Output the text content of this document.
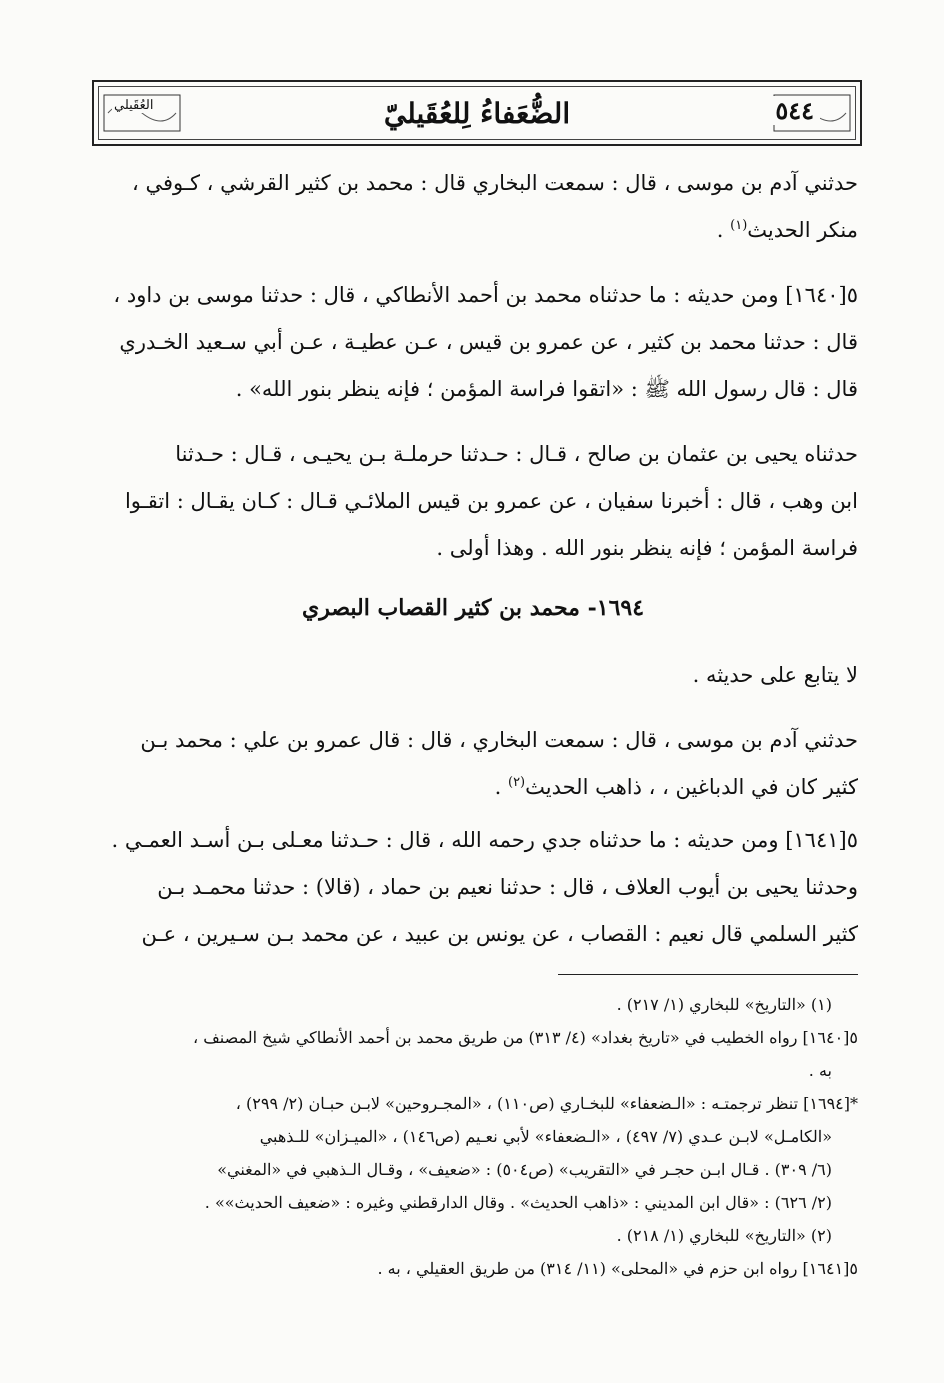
العُقَيلي	الضُّعَفاءُ لِلعُقَيليّ	٥٤٤

حدثني آدم بن موسى ، قال : سمعت البخاري قال : محمد بن كثير القرشي ، كـوفي ،

منكر الحديث$^{(١)}$ .

٥[١٦٤٠] ومن حديثه : ما حدثناه محمد بن أحمد الأنطاكي ، قال : حدثنا موسى بن داود ،

قال : حدثنا محمد بن كثير ، عن عمرو بن قيس ، عـن عطيـة ، عـن أبي سـعيد الخـدري

قال : قال رسول الله ﷺ : «اتقوا فراسة المؤمن ؛ فإنه ينظر بنور الله» .

حدثناه يحيى بن عثمان بن صالح ، قـال : حـدثنا حرملـة بـن يحيـى ، قـال : حـدثنا

ابن وهب ، قال : أخبرنا سفيان ، عن عمرو بن قيس الملائـي قـال : كـان يقـال : اتقـوا

فراسة المؤمن ؛ فإنه ينظر بنور الله . وهذا أولى .

١٦٩٤- محمد بن كثير القصاب البصري

لا يتابع على حديثه .

حدثني آدم بن موسى ، قال : سمعت البخاري ، قال : قال عمرو بن علي : محمد بـن

كثير كان في الدباغين ، ، ذاهب الحديث$^{(٢)}$ .

٥[١٦٤١] ومن حديثه : ما حدثناه جدي رحمه الله ، قال : حـدثنا معـلى بـن أسـد العمـي .

وحدثنا يحيى بن أيوب العلاف ، قال : حدثنا نعيم بن حماد ، (قالا) : حدثنا محمـد بـن

كثير السلمي قال نعيم : القصاب ، عن يونس بن عبيد ، عن محمد بـن سـيرين ، عـن

(١) «التاريخ» للبخاري (١/ ٢١٧) .

٥[١٦٤٠] رواه الخطيب في «تاريخ بغداد» (٤/ ٣١٣) من طريق محمد بن أحمد الأنطاكي شيخ المصنف ،

به .

*[١٦٩٤] تنظر ترجمتـه : «الـضعفاء» للبخـاري (ص١١٠) ، «المجـروحين» لابـن حبـان (٢/ ٢٩٩) ،

«الكامـل» لابـن عـدي (٧/ ٤٩٧) ، «الـضعفاء» لأبي نعـيم (ص١٤٦) ، «الميـزان» للـذهبي

(٦/ ٣٠٩) . قـال ابـن حجـر في «التقريب» (ص٥٠٤) : «ضعيف» ، وقـال الـذهبي في «المغني»

(٢/ ٦٢٦) : «قال ابن المديني : «ذاهب الحديث» . وقال الدارقطني وغيره : «ضعيف الحديث»» .

(٢) «التاريخ» للبخاري (١/ ٢١٨) .

٥[١٦٤١] رواه ابن حزم في «المحلى» (١١/ ٣١٤) من طريق العقيلي ، به .
